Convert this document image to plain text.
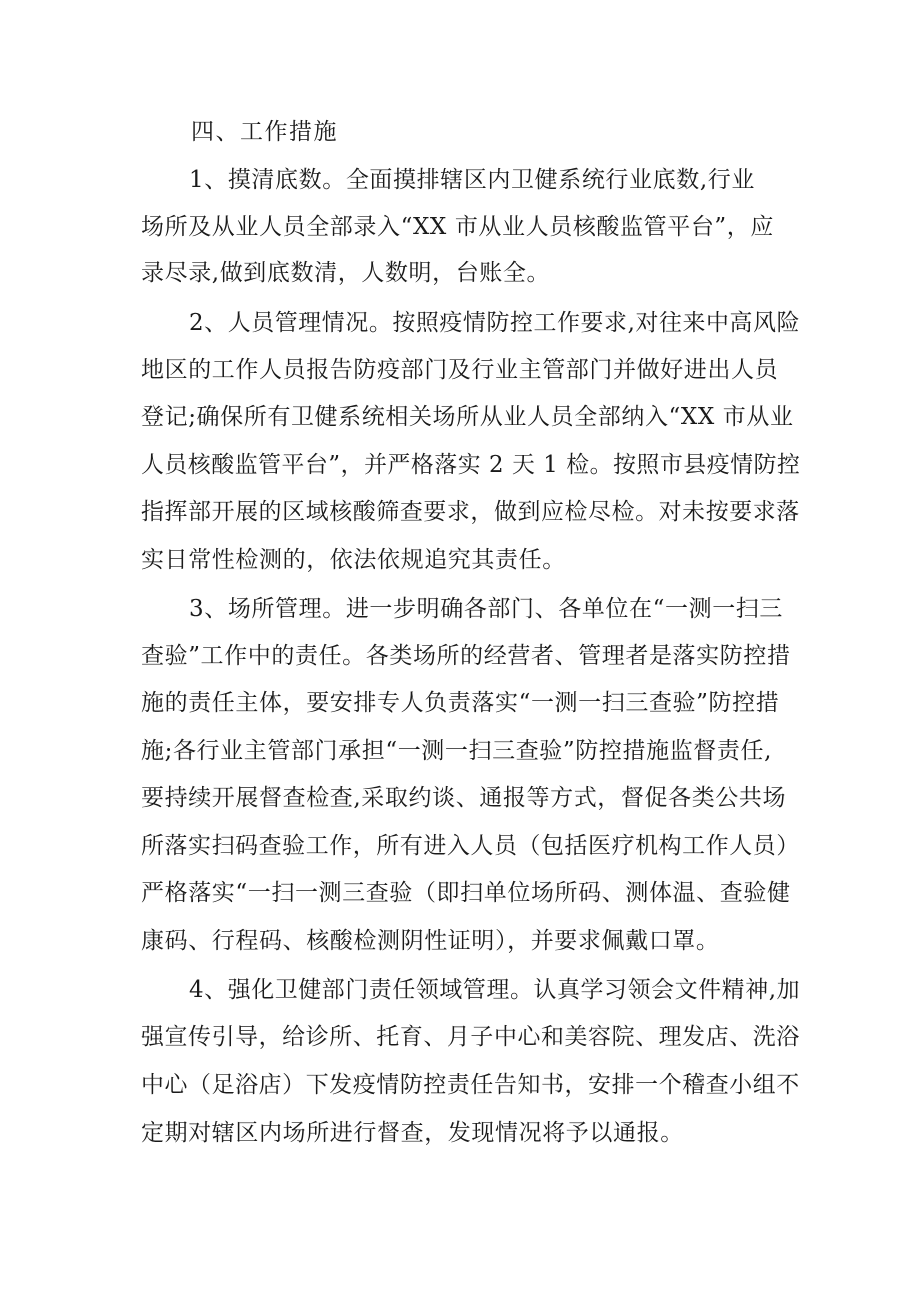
四、工作措施
1、摸清底数。全面摸排辖区内卫健系统行业底数,行业
场所及从业人员全部录入“XX 市从业人员核酸监管平台”，应
录尽录,做到底数清，人数明，台账全。
2、人员管理情况。按照疫情防控工作要求,对往来中高风险
地区的工作人员报告防疫部门及行业主管部门并做好进出人员
登记;确保所有卫健系统相关场所从业人员全部纳入“XX 市从业
人员核酸监管平台”，并严格落实 2 天 1 检。按照市县疫情防控
指挥部开展的区域核酸筛查要求，做到应检尽检。对未按要求落
实日常性检测的，依法依规追究其责任。
3、场所管理。进一步明确各部门、各单位在“一测一扫三
查验”工作中的责任。各类场所的经营者、管理者是落实防控措
施的责任主体，要安排专人负责落实“一测一扫三查验”防控措
施;各行业主管部门承担“一测一扫三查验”防控措施监督责任,
要持续开展督查检查,采取约谈、通报等方式，督促各类公共场
所落实扫码查验工作，所有进入人员（包括医疗机构工作人员）
严格落实“一扫一测三查验（即扫单位场所码、测体温、查验健
康码、行程码、核酸检测阴性证明），并要求佩戴口罩。
4、强化卫健部门责任领域管理。认真学习领会文件精神,加
强宣传引导，给诊所、托育、月子中心和美容院、理发店、洗浴
中心（足浴店）下发疫情防控责任告知书，安排一个稽查小组不
定期对辖区内场所进行督查，发现情况将予以通报。
